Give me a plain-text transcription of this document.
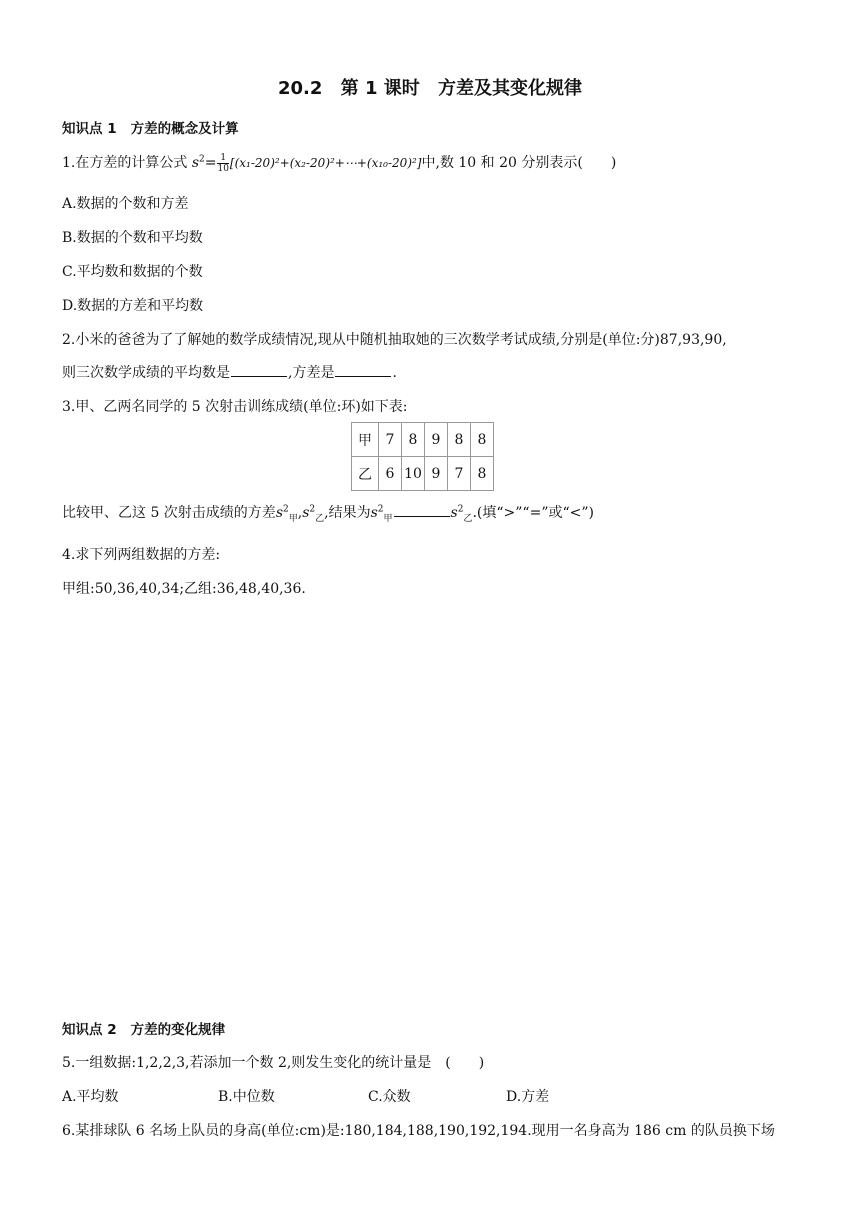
20.2 第 1 课时 方差及其变化规律
知识点 1 方差的概念及计算
1.在方差的计算公式 $s^2= \frac{1}{10}$ [(x₁-20)²+(x₂-20)²+⋯+(x₁₀-20)²]中,数 10 和 20 分别表示(　　)
A.数据的个数和方差
B.数据的个数和平均数
C.平均数和数据的个数
D.数据的方差和平均数
2.小米的爸爸为了了解她的数学成绩情况,现从中随机抽取她的三次数学考试成绩,分别是(单位:分)87,93,90,
则三次数学成绩的平均数是	,方差是	.
3.甲、乙两名同学的 5 次射击训练成绩(单位:环)如下表:
甲	7	8	9	8	8
乙	6	10	9	7	8
比较甲、乙这 5 次射击成绩的方差$s^2_甲,s^2_乙$,结果为$s^2_甲$	$s^2_乙$.(填“>”“=”或“<”)
4.求下列两组数据的方差:
甲组:50,36,40,34;乙组:36,48,40,36.
知识点 2 方差的变化规律
5.一组数据:1,2,2,3,若添加一个数 2,则发生变化的统计量是　(　　)
A.平均数	B.中位数	C.众数	D.方差
6.某排球队 6 名场上队员的身高(单位:cm)是:180,184,188,190,192,194.现用一名身高为 186 cm 的队员换下场
